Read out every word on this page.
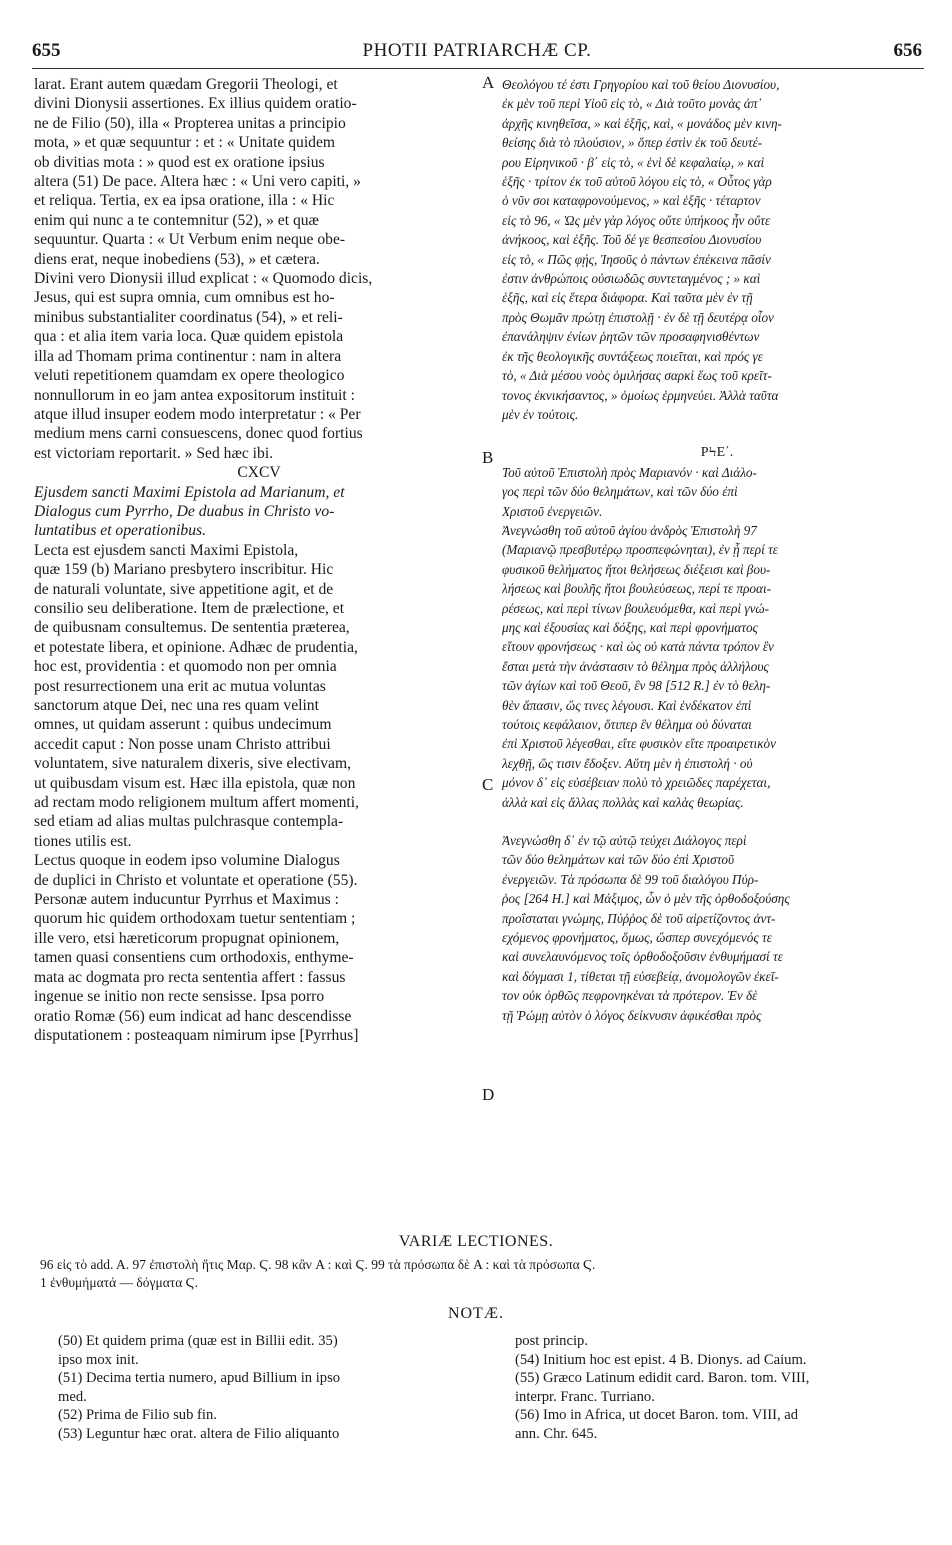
655	PHOTII PATRIARCHÆ CP.	656
larat. Erant autem quædam Gregorii Theologi, et
divini Dionysii assertiones. Ex illius quidem oratio-
ne de Filio (50), illa « Propterea unitas a principio
mota, » et quæ sequuntur : et : « Unitate quidem
ob divitias mota : » quod est ex oratione ipsius
altera (51) De pace. Altera hæc : « Uni vero capiti, »
et reliqua. Tertia, ex ea ipsa oratione, illa : « Hic
enim qui nunc a te contemnitur (52), » et quæ
sequuntur. Quarta : « Ut Verbum enim neque obe-
diens erat, neque inobediens (53), » et cætera.
Divini vero Dionysii illud explicat : « Quomodo dicis,
Jesus, qui est supra omnia, cum omnibus est ho-
minibus substantialiter coordinatus (54), » et reli-
qua : et alia item varia loca. Quæ quidem epistola
illa ad Thomam prima continentur : nam in altera
veluti repetitionem quamdam ex opere theologico
nonnullorum in eo jam antea expositorum instituit :
atque illud insuper eodem modo interpretatur : « Per
medium mens carni consuescens, donec quod fortius
est victoriam reportarit. » Sed hæc ibi.
CXCV
Ejusdem sancti Maximi Epistola ad Marianum, et
Dialogus cum Pyrrho, De duabus in Christo vo-
luntatibus et operationibus.
Lecta est ejusdem sancti Maximi Epistola,
quæ 159 (b) Mariano presbytero inscribitur. Hic
de naturali voluntate, sive appetitione agit, et de
consilio seu deliberatione. Item de prælectione, et
de quibusnam consultemus. De sententia præterea,
et potestate libera, et opinione. Adhæc de prudentia,
hoc est, providentia : et quomodo non per omnia
post resurrectionem una erit ac mutua voluntas
sanctorum atque Dei, nec una res quam velint
omnes, ut quidam asserunt : quibus undecimum
accedit caput : Non posse unam Christo attribui
voluntatem, sive naturalem dixeris, sive electivam,
ut quibusdam visum est. Hæc illa epistola, quæ non
ad rectam modo religionem multum affert momenti,
sed etiam ad alias multas pulchrasque contempla-
tiones utilis est.
Lectus quoque in eodem ipso volumine Dialogus
de duplici in Christo et voluntate et operatione (55).
Personæ autem inducuntur Pyrrhus et Maximus :
quorum hic quidem orthodoxam tuetur sententiam ;
ille vero, etsi hæreticorum propugnat opinionem,
tamen quasi consentiens cum orthodoxis, enthyme-
mata ac dogmata pro recta sententia affert : fassus
ingenue se initio non recte sensisse. Ipsa porro
oratio Romæ (56) eum indicat ad hanc descendisse
disputationem : posteaquam nimirum ipse [Pyrrhus]
A
B
C
D
Θεολόγου τέ ἐστι Γρηγορίου καὶ τοῦ θείου Διονυσίου,
ἐκ μὲν τοῦ περὶ Υἱοῦ εἰς τὸ, « Διὰ τοῦτο μονὰς ἀπ᾿
ἀρχῆς κινηθεῖσα, » καὶ ἑξῆς, καὶ, « μονάδος μὲν κινη-
θείσης διὰ τὸ πλούσιον, » ὅπερ ἐστὶν ἐκ τοῦ δευτέ-
ρου Εἰρηνικοῦ · β΄ εἰς τὸ, « ἑνὶ δὲ κεφαλαίῳ, » καὶ
ἑξῆς · τρίτον ἐκ τοῦ αὐτοῦ λόγου εἰς τὸ, « Οὗτος γὰρ
ὁ νῦν σοι καταφρονούμενος, » καὶ ἑξῆς · τέταρτον
εἰς τὸ 96, « Ὡς μὲν γὰρ λόγος οὔτε ὑπήκοος ἦν οὔτε
ἀνήκοος, καὶ ἑξῆς. Τοῦ δέ γε θεσπεσίου Διονυσίου
εἰς τὸ, « Πῶς φῄς, Ἰησοῦς ὁ πάντων ἐπέκεινα πᾶσίν
ἐστιν ἀνθρώποις οὐσιωδῶς συντεταγμένος ; » καὶ
ἑξῆς, καὶ εἰς ἕτερα διάφορα. Καὶ ταῦτα μὲν ἐν τῇ
πρὸς Θωμᾶν πρώτῃ ἐπιστολῇ · ἐν δὲ τῇ δευτέρᾳ οἷον
ἐπανάληψιν ἐνίων ῥητῶν τῶν προσαφηνισθέντων
ἐκ τῆς θεολογικῆς συντάξεως ποιεῖται, καὶ πρός γε
τὸ, « Διὰ μέσου νοὸς ὁμιλήσας σαρκὶ ἕως τοῦ κρεῖτ-
τονος ἐκνικήσαντος, » ὁμοίως ἑρμηνεύει. Ἀλλὰ ταῦτα
μὲν ἐν τούτοις.
ΡϞΕ΄.
Τοῦ αὐτοῦ Ἐπιστολὴ πρὸς Μαριανόν · καὶ Διάλο-
γος περὶ τῶν δύο θελημάτων, καὶ τῶν δύο ἐπὶ
Χριστοῦ ἐνεργειῶν.
Ἀνεγνώσθη τοῦ αὐτοῦ ἁγίου ἀνδρὸς Ἐπιστολὴ 97
(Μαριανῷ πρεσβυτέρῳ προσπεφώνηται), ἐν ᾗ περί τε
φυσικοῦ θελήματος ἤτοι θελήσεως διέξεισι καὶ βου-
λήσεως καὶ βουλῆς ἤτοι βουλεύσεως, περί τε προαι-
ρέσεως, καὶ περὶ τίνων βουλευόμεθα, καὶ περὶ γνώ-
μης καὶ ἐξουσίας καὶ δόξης, καὶ περὶ φρονήματος
εἴτουν φρονήσεως · καὶ ὡς οὐ κατὰ πάντα τρόπον ἓν
ἔσται μετὰ τὴν ἀνάστασιν τὸ θέλημα πρὸς ἀλλήλους
τῶν ἁγίων καὶ τοῦ Θεοῦ, ἓν 98 [512 R.] ἐν τὸ θελη-
θὲν ἅπασιν, ὥς τινες λέγουσι. Καὶ ἑνδέκατον ἐπὶ
τούτοις κεφάλαιον, ὅτιπερ ἓν θέλημα οὐ δύναται
ἐπὶ Χριστοῦ λέγεσθαι, εἴτε φυσικὸν εἴτε προαιρετικὸν
λεχθῇ, ὥς τισιν ἔδοξεν. Αὕτη μὲν ἡ ἐπιστολή · οὐ
μόνον δ᾿ εἰς εὐσέβειαν πολὺ τὸ χρειῶδες παρέχεται,
ἀλλὰ καὶ εἰς ἄλλας πολλὰς καὶ καλὰς θεωρίας.
Ἀνεγνώσθη δ᾿ ἐν τῷ αὐτῷ τεύχει Διάλογος περὶ
τῶν δύο θελημάτων καὶ τῶν δύο ἐπὶ Χριστοῦ
ἐνεργειῶν. Τὰ πρόσωπα δὲ 99 τοῦ διαλόγου Πύρ-
ῥος [264 H.] καὶ Μάξιμος, ὧν ὁ μὲν τῆς ὀρθοδοξούσης
προΐσταται γνώμης, Πύῤῥος δὲ τοῦ αἱρετίζοντος ἀντ-
εχόμενος φρονήματος, ὅμως, ὥσπερ συνεχόμενός τε
καὶ συνελαυνόμενος τοῖς ὀρθοδοξοῦσιν ἐνθυμήμασί τε
καὶ δόγμασι 1, τίθεται τῇ εὐσεβείᾳ, ἀνομολογῶν ἐκεῖ-
τον οὐκ ὀρθῶς πεφρονηκέναι τὰ πρότερον. Ἐν δὲ
τῇ Ῥώμῃ αὐτὸν ὁ λόγος δείκνυσιν ἀφικέσθαι πρὸς
VARIÆ LECTIONES.
96 εἰς τὸ add. A. 97 ἐπιστολὴ ἥτις Μαρ. Ϛ. 98 κἂν A : καὶ Ϛ. 99 τὰ πρόσωπα δὲ A : καὶ τὰ πρόσωπα Ϛ.
1 ἐνθυμήματά — δόγματα Ϛ.
NOTÆ.
(50) Et quidem prima (quæ est in Billii edit. 35)
ipso mox init.
(51) Decima tertia numero, apud Billium in ipso
med.
(52) Prima de Filio sub fin.
(53) Leguntur hæc orat. altera de Filio aliquanto
post princip.
(54) Initium hoc est epist. 4 B. Dionys. ad Caium.
(55) Græco Latinum edidit card. Baron. tom. VIII,
interpr. Franc. Turriano.
(56) Imo in Africa, ut docet Baron. tom. VIII, ad
ann. Chr. 645.
